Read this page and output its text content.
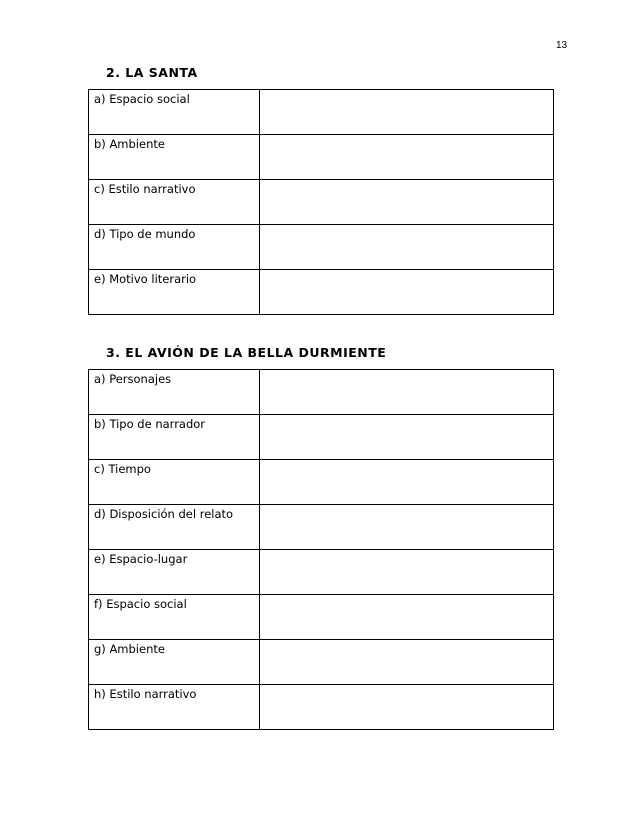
13
2. LA SANTA
a) Espacio social	
b) Ambiente	
c) Estilo narrativo	
d) Tipo de mundo	
e) Motivo literario	
3. EL AVIÓN DE LA BELLA DURMIENTE
a) Personajes	
b) Tipo de narrador	
c) Tiempo	
d) Disposición del relato	
e) Espacio-lugar	
f) Espacio social	
g) Ambiente	
h) Estilo narrativo	
